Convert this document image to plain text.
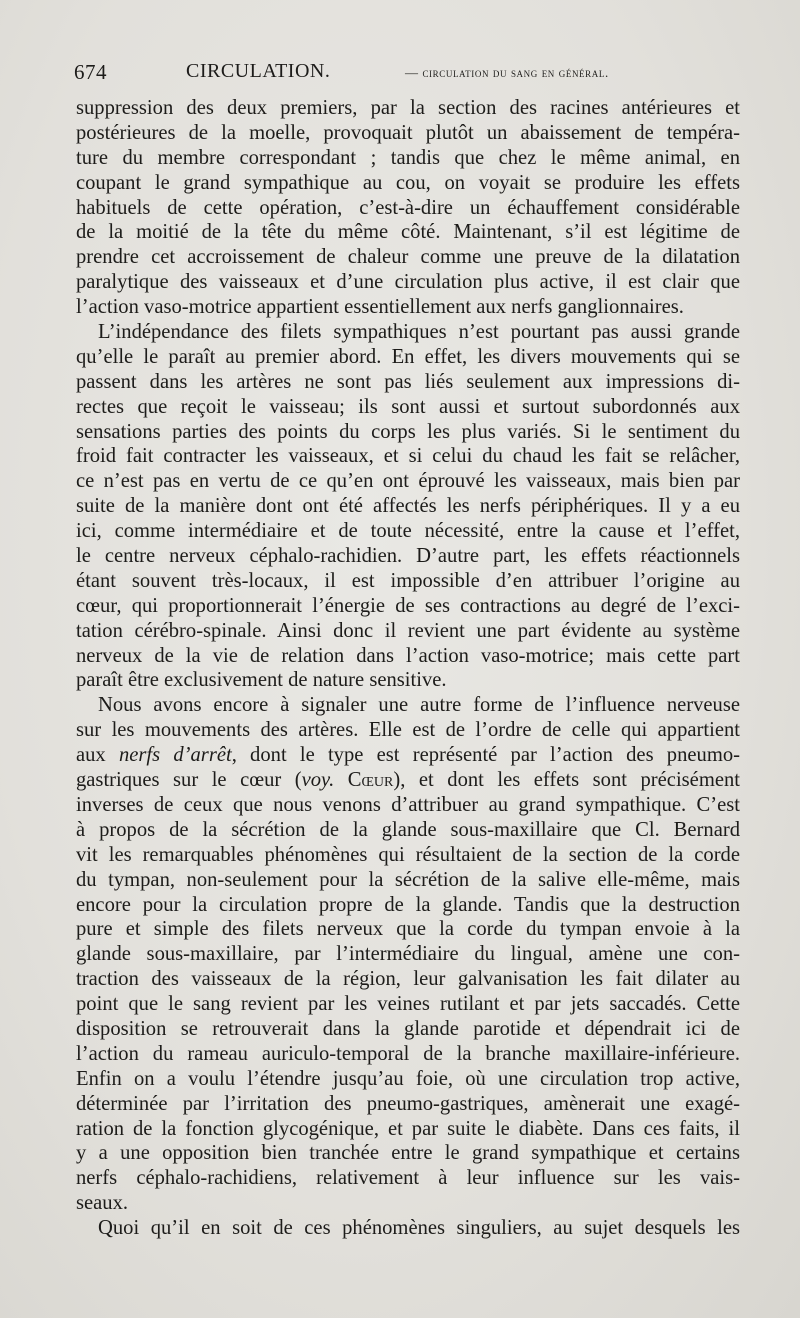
674	CIRCULATION.	— circulation du sang en général.
suppression des deux premiers, par la section des racines antérieures et
postérieures de la moelle, provoquait plutôt un abaissement de tempéra-
ture du membre correspondant ; tandis que chez le même animal, en
coupant le grand sympathique au cou, on voyait se produire les effets
habituels de cette opération, c’est-à-dire un échauffement considérable
de la moitié de la tête du même côté. Maintenant, s’il est légitime de
prendre cet accroissement de chaleur comme une preuve de la dilatation
paralytique des vaisseaux et d’une circulation plus active, il est clair que
l’action vaso-motrice appartient essentiellement aux nerfs ganglionnaires.
L’indépendance des filets sympathiques n’est pourtant pas aussi grande
qu’elle le paraît au premier abord. En effet, les divers mouvements qui se
passent dans les artères ne sont pas liés seulement aux impressions di-
rectes que reçoit le vaisseau; ils sont aussi et surtout subordonnés aux
sensations parties des points du corps les plus variés. Si le sentiment du
froid fait contracter les vaisseaux, et si celui du chaud les fait se relâcher,
ce n’est pas en vertu de ce qu’en ont éprouvé les vaisseaux, mais bien par
suite de la manière dont ont été affectés les nerfs périphériques. Il y a eu
ici, comme intermédiaire et de toute nécessité, entre la cause et l’effet,
le centre nerveux céphalo-rachidien. D’autre part, les effets réactionnels
étant souvent très-locaux, il est impossible d’en attribuer l’origine au
cœur, qui proportionnerait l’énergie de ses contractions au degré de l’exci-
tation cérébro-spinale. Ainsi donc il revient une part évidente au système
nerveux de la vie de relation dans l’action vaso-motrice; mais cette part
paraît être exclusivement de nature sensitive.
Nous avons encore à signaler une autre forme de l’influence nerveuse
sur les mouvements des artères. Elle est de l’ordre de celle qui appartient
aux nerfs d’arrêt, dont le type est représenté par l’action des pneumo-
gastriques sur le cœur (voy. Cœur), et dont les effets sont précisément
inverses de ceux que nous venons d’attribuer au grand sympathique. C’est
à propos de la sécrétion de la glande sous-maxillaire que Cl. Bernard
vit les remarquables phénomènes qui résultaient de la section de la corde
du tympan, non-seulement pour la sécrétion de la salive elle-même, mais
encore pour la circulation propre de la glande. Tandis que la destruction
pure et simple des filets nerveux que la corde du tympan envoie à la
glande sous-maxillaire, par l’intermédiaire du lingual, amène une con-
traction des vaisseaux de la région, leur galvanisation les fait dilater au
point que le sang revient par les veines rutilant et par jets saccadés. Cette
disposition se retrouverait dans la glande parotide et dépendrait ici de
l’action du rameau auriculo-temporal de la branche maxillaire-inférieure.
Enfin on a voulu l’étendre jusqu’au foie, où une circulation trop active,
déterminée par l’irritation des pneumo-gastriques, amènerait une exagé-
ration de la fonction glycogénique, et par suite le diabète. Dans ces faits, il
y a une opposition bien tranchée entre le grand sympathique et certains
nerfs céphalo-rachidiens, relativement à leur influence sur les vais-
seaux.
Quoi qu’il en soit de ces phénomènes singuliers, au sujet desquels les
